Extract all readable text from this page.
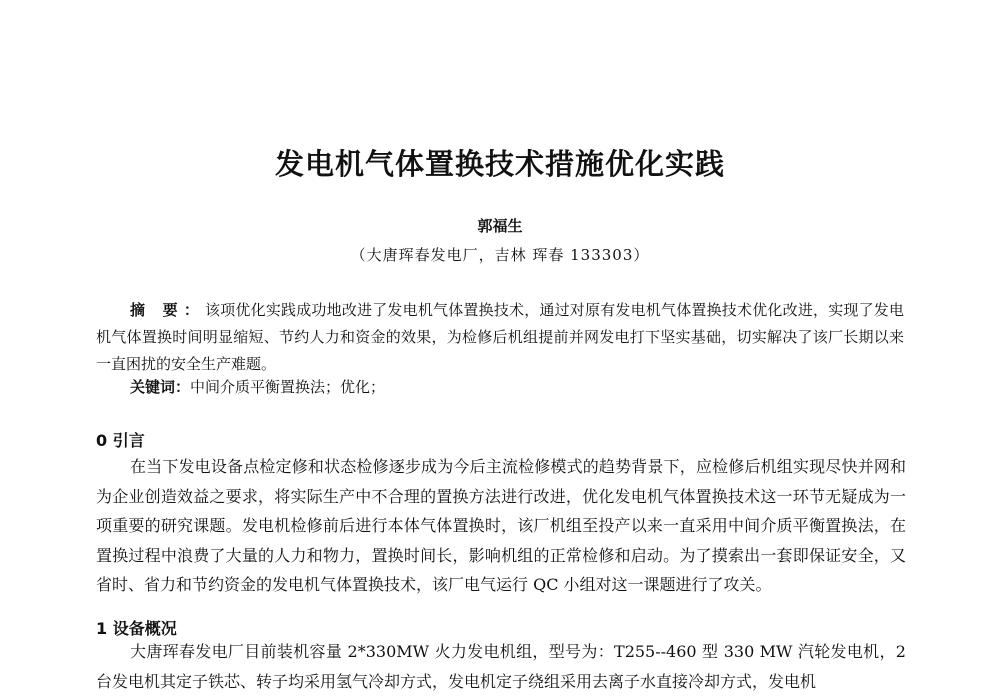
发电机气体置换技术措施优化实践
郭福生
（大唐珲春发电厂，吉林 珲春 133303）
摘 要：该项优化实践成功地改进了发电机气体置换技术，通过对原有发电机气体置换技术优化改进，实现了发电机气体置换时间明显缩短、节约人力和资金的效果，为检修后机组提前并网发电打下坚实基础，切实解决了该厂长期以来一直困扰的安全生产难题。
关键词：中间介质平衡置换法；优化；
0 引言
在当下发电设备点检定修和状态检修逐步成为今后主流检修模式的趋势背景下，应检修后机组实现尽快并网和为企业创造效益之要求，将实际生产中不合理的置换方法进行改进，优化发电机气体置换技术这一环节无疑成为一项重要的研究课题。发电机检修前后进行本体气体置换时，该厂机组至投产以来一直采用中间介质平衡置换法，在置换过程中浪费了大量的人力和物力，置换时间长，影响机组的正常检修和启动。为了摸索出一套即保证安全，又省时、省力和节约资金的发电机气体置换技术，该厂电气运行 QC 小组对这一课题进行了攻关。
1 设备概况
大唐珲春发电厂目前装机容量 2*330MW 火力发电机组，型号为：T255--460 型 330 MW 汽轮发电机，2 台发电机其定子铁芯、转子均采用氢气冷却方式，发电机定子绕组采用去离子水直接冷却方式，发电机
